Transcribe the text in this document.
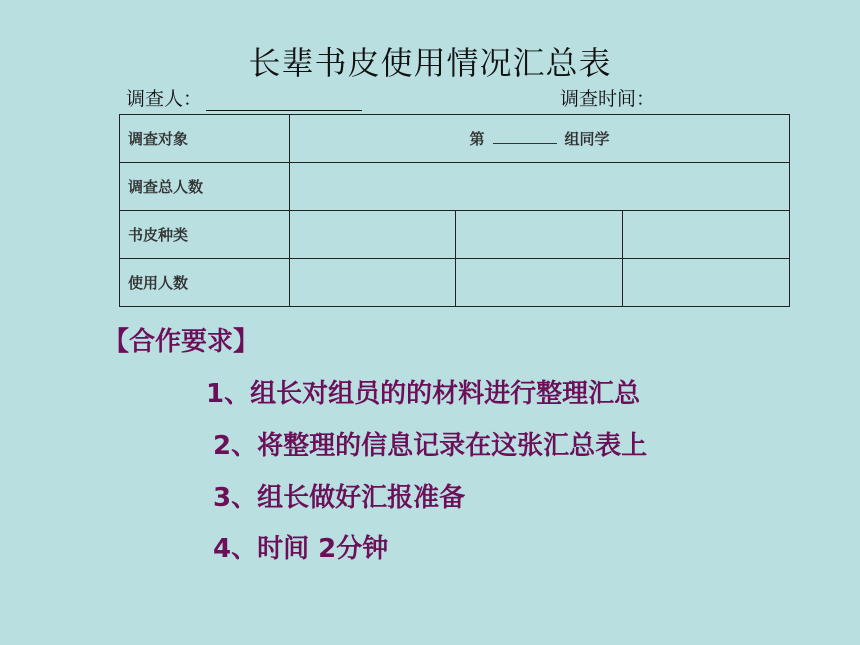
长辈书皮使用情况汇总表
调查人：	调查时间：
调查对象	第 组同学		
调查总人数			
书皮种类			
使用人数			
【合作要求】
1、组长对组员的的材料进行整理汇总
2、将整理的信息记录在这张汇总表上
3、组长做好汇报准备
4、时间 2分钟
